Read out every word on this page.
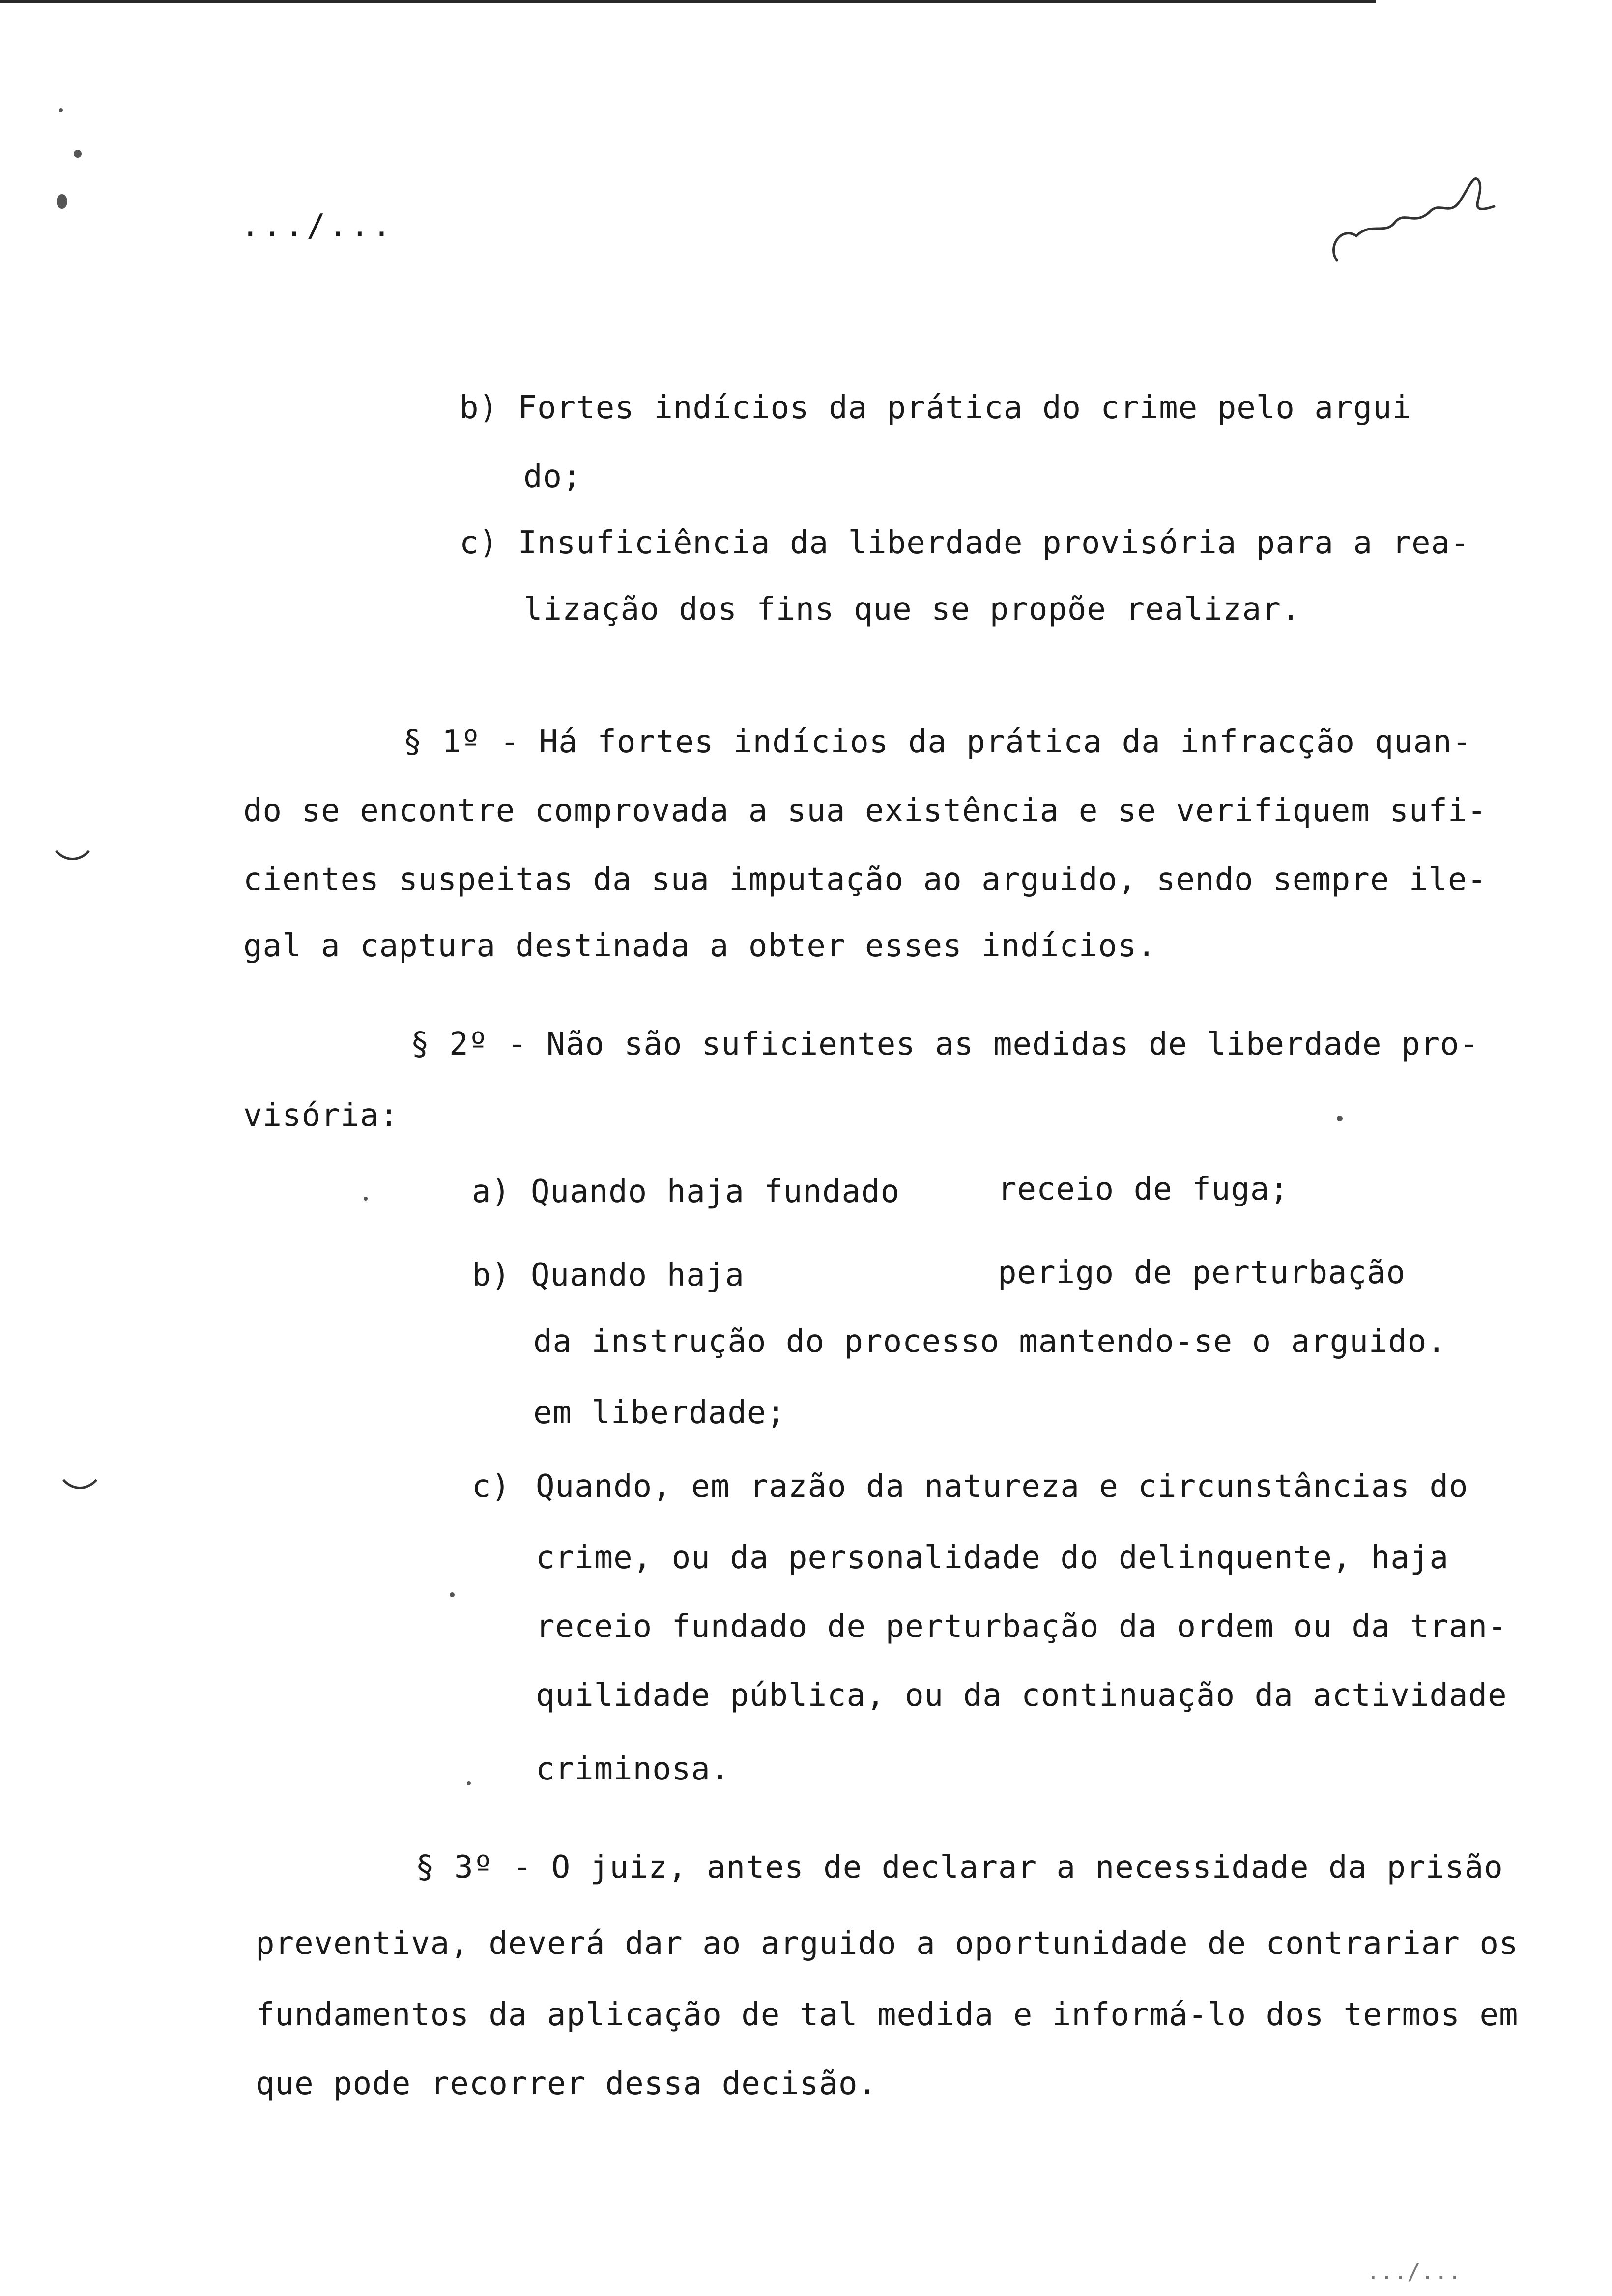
.../...
b) Fortes indícios da prática do crime pelo argui
do;
c) Insuficiência da liberdade provisória para a rea-
lização dos fins que se propõe realizar.
§ 1º - Há fortes indícios da prática da infracção quan-
do se encontre comprovada a sua existência e se verifiquem sufi-
cientes suspeitas da sua imputação ao arguido, sendo sempre ile-
gal a captura destinada a obter esses indícios.
§ 2º - Não são suficientes as medidas de liberdade pro-
visória:
a) Quando haja fundado	receio de fuga;
b) Quando haja	perigo de perturbação
da instrução do processo mantendo-se o arguido.
em liberdade;
c) Quando, em razão da natureza e circunstâncias do
crime, ou da personalidade do delinquente, haja
receio fundado de perturbação da ordem ou da tran-
quilidade pública, ou da continuação da actividade
criminosa.
§ 3º - O juiz, antes de declarar a necessidade da prisão
preventiva, deverá dar ao arguido a oportunidade de contrariar os
fundamentos da aplicação de tal medida e informá-lo dos termos em
que pode recorrer dessa decisão.
.../...
